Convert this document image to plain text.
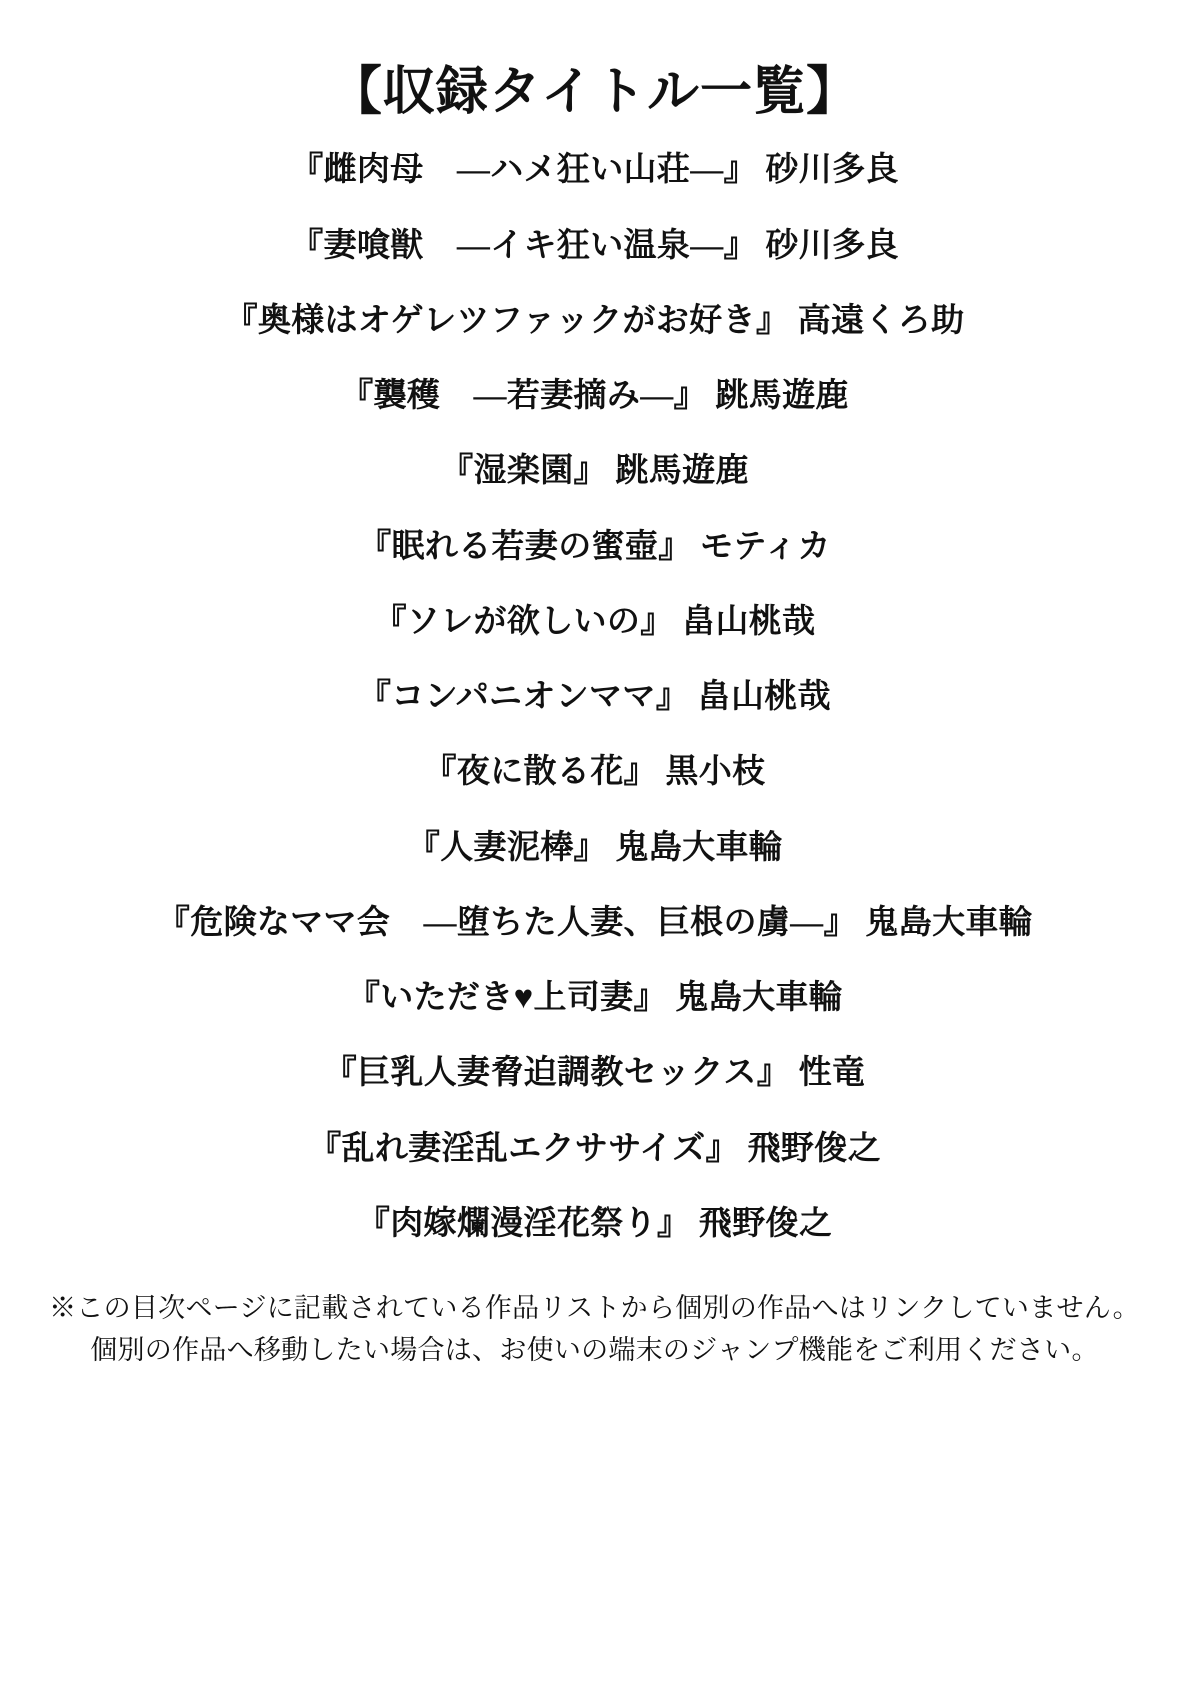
【収録タイトル一覧】
『雌肉母　―ハメ狂い山荘―』 砂川多良
『妻喰獣　―イキ狂い温泉―』 砂川多良
『奥様はオゲレツファックがお好き』 高遠くろ助
『襲穫　―若妻摘み―』 跳馬遊鹿
『湿楽園』 跳馬遊鹿
『眠れる若妻の蜜壺』 モティカ
『ソレが欲しいの』 畠山桃哉
『コンパニオンママ』 畠山桃哉
『夜に散る花』 黒小枝
『人妻泥棒』 鬼島大車輪
『危険なママ会　―堕ちた人妻、巨根の虜―』 鬼島大車輪
『いただき♥上司妻』 鬼島大車輪
『巨乳人妻脅迫調教セックス』 性竜
『乱れ妻淫乱エクササイズ』 飛野俊之
『肉嫁爛漫淫花祭り』 飛野俊之
※この目次ページに記載されている作品リストから個別の作品へはリンクしていません。
個別の作品へ移動したい場合は、お使いの端末のジャンプ機能をご利用ください。
